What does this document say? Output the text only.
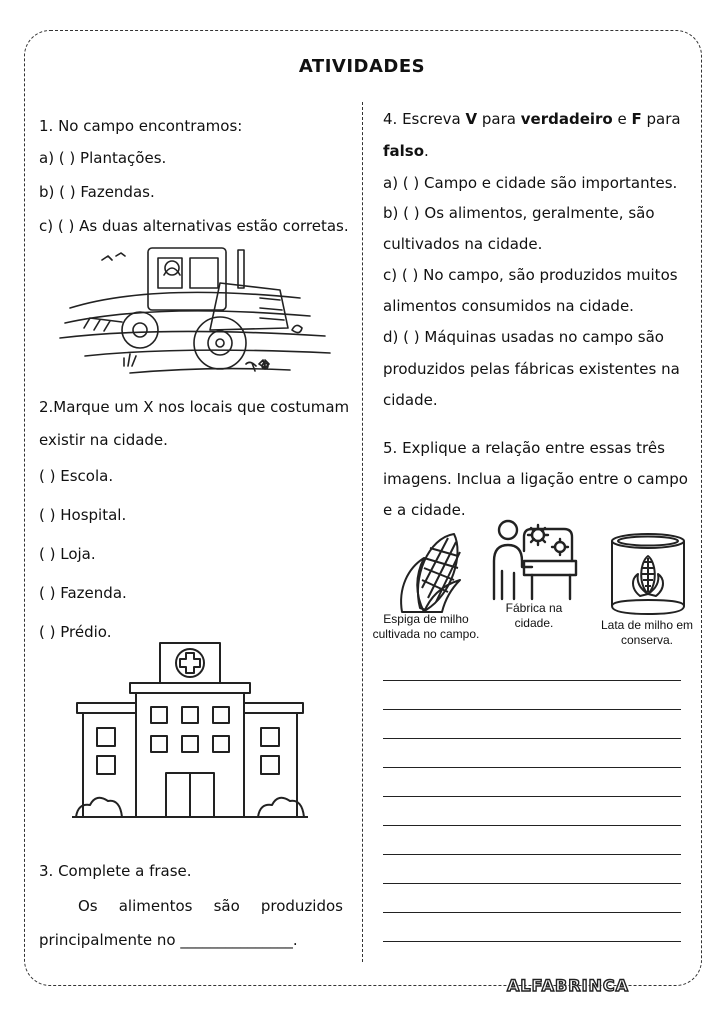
ATIVIDADES
1. No campo encontramos:
a) ( ) Plantações.
b) ( ) Fazendas.
c) ( ) As duas alternativas estão corretas.
2.Marque um X nos locais que costumam
existir na cidade.
( ) Escola.
( ) Hospital.
( ) Loja.
( ) Fazenda.
( ) Prédio.
3. Complete a frase.
Os alimentos são produzidos
principalmente no _______________.
4. Escreva V para verdadeiro e F para
falso.
a) ( ) Campo e cidade são importantes.
b) ( ) Os alimentos, geralmente, são
cultivados na cidade.
c) ( ) No campo, são produzidos muitos
alimentos consumidos na cidade.
d) ( ) Máquinas usadas no campo são
produzidos pelas fábricas existentes na
cidade.
5. Explique a relação entre essas três
imagens. Inclua a ligação entre o campo
e a cidade.
Espiga de milho
cultivada no campo.
Fábrica na
cidade.	Lata de milho em
conserva.
ALFABRINCA
